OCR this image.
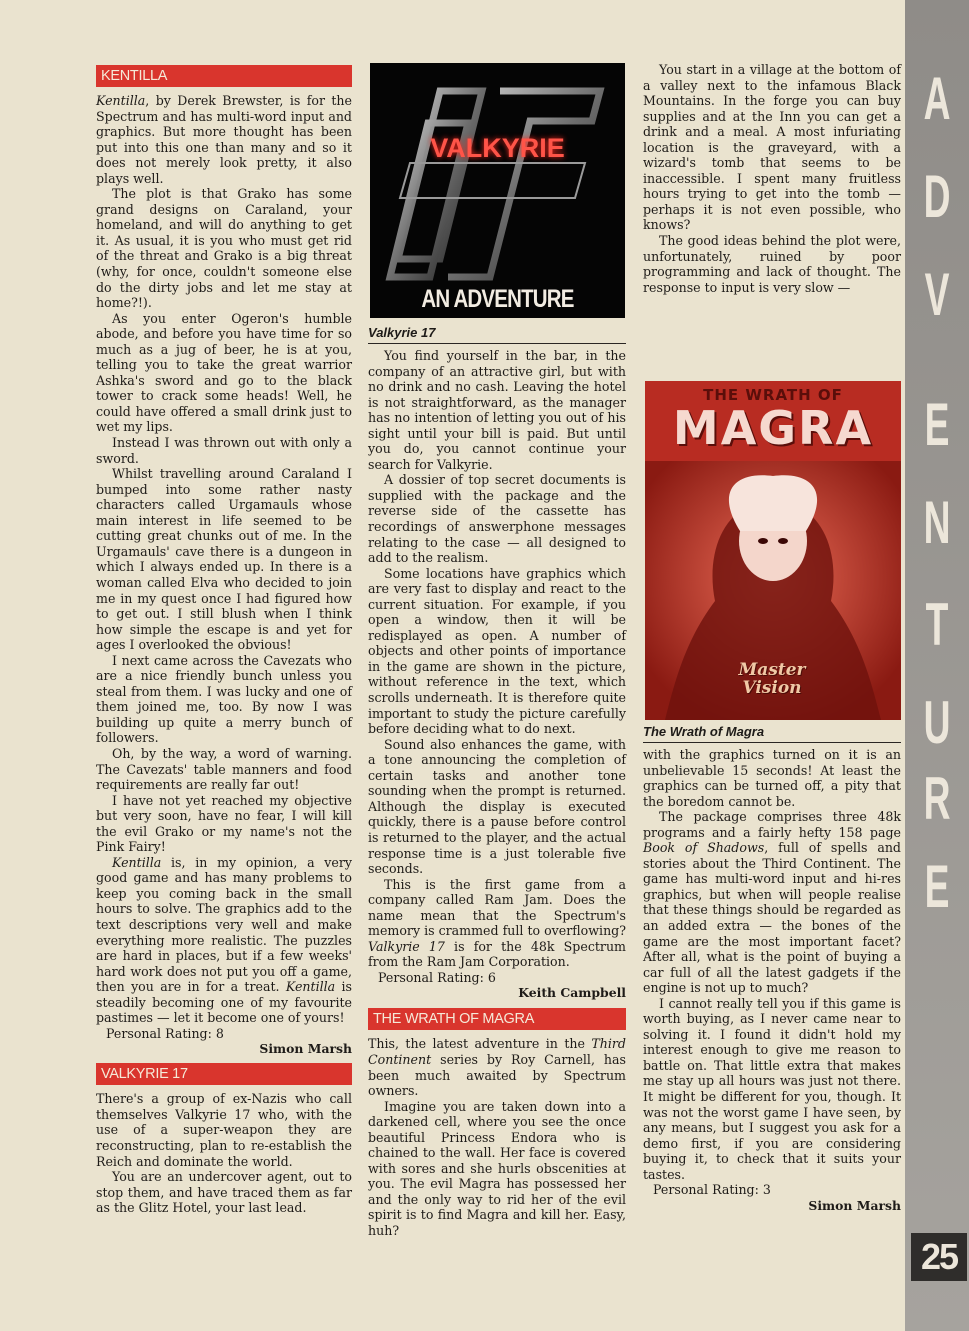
A
D
V
E
N
T
U
R
E
25
KENTILLA

Kentilla, by Derek Brewster, is for the Spectrum and has multi-word input and graphics. But more thought has been put into this one than many and so it does not merely look pretty, it also plays well.

The plot is that Grako has some grand designs on Caraland, your homeland, and will do anything to get it. As usual, it is you who must get rid of the threat and Grako is a big threat (why, for once, couldn't someone else do the dirty jobs and let me stay at home?!).

As you enter Ogeron's humble abode, and before you have time for so much as a jug of beer, he is at you, telling you to take the great warrior Ashka's sword and go to the black tower to crack some heads! Well, he could have offered a small drink just to wet my lips.

Instead I was thrown out with only a sword.

Whilst travelling around Caraland I bumped into some rather nasty characters called Urgamauls whose main interest in life seemed to be cutting great chunks out of me. In the Urgamauls' cave there is a dungeon in which I always ended up. In there is a woman called Elva who decided to join me in my quest once I had figured how to get out. I still blush when I think how simple the escape is and yet for ages I overlooked the obvious!

I next came across the Cavezats who are a nice friendly bunch unless you steal from them. I was lucky and one of them joined me, too. By now I was building up quite a merry bunch of followers.

Oh, by the way, a word of warning. The Cavezats' table manners and food requirements are really far out!

I have not yet reached my objective but very soon, have no fear, I will kill the evil Grako or my name's not the Pink Fairy!

Kentilla is, in my opinion, a very good game and has many problems to keep you coming back in the small hours to solve. The graphics add to the text descriptions very well and make everything more realistic. The puzzles are hard in places, but if a few weeks' hard work does not put you off a game, then you are in for a treat. Kentilla is steadily becoming one of my favourite pastimes — let it become one of yours!

Personal Rating: 8

Simon Marsh

VALKYRIE 17

There's a group of ex-Nazis who call themselves Valkyrie 17 who, with the use of a super-weapon they are reconstructing, plan to re-establish the Reich and dominate the world.

You are an undercover agent, out to stop them, and have traced them as far as the Glitz Hotel, your last lead.

VALKYRIE
AN ADVENTURE
Valkyrie 17

You find yourself in the bar, in the company of an attractive girl, but with no drink and no cash. Leaving the hotel is not straightforward, as the manager has no intention of letting you out of his sight until your bill is paid. But until you do, you cannot continue your search for Valkyrie.

A dossier of top secret documents is supplied with the package and the reverse side of the cassette has recordings of answerphone messages relating to the case — all designed to add to the realism.

Some locations have graphics which are very fast to display and react to the current situation. For example, if you open a window, then it will be redisplayed as open. A number of objects and other points of importance in the game are shown in the picture, without reference in the text, which scrolls underneath. It is therefore quite important to study the picture carefully before deciding what to do next.

Sound also enhances the game, with a tone announcing the completion of certain tasks and another tone sounding when the prompt is returned. Although the display is executed quickly, there is a pause before control is returned to the player, and the actual response time is a just tolerable five seconds.

This is the first game from a company called Ram Jam. Does the name mean that the Spectrum's memory is crammed full to overflowing? Valkyrie 17 is for the 48k Spectrum from the Ram Jam Corporation.

Personal Rating: 6

Keith Campbell

THE WRATH OF MAGRA

This, the latest adventure in the Third Continent series by Roy Carnell, has been much awaited by Spectrum owners.

Imagine you are taken down into a darkened cell, where you see the once beautiful Princess Endora who is chained to the wall. Her face is covered with sores and she hurls obscenities at you. The evil Magra has possessed her and the only way to rid her of the evil spirit is to find Magra and kill her. Easy, huh?

THE WRATH OF
MAGRA
Master Vision

You start in a village at the bottom of a valley next to the infamous Black Mountains. In the forge you can buy supplies and at the Inn you can get a drink and a meal. A most infuriating location is the graveyard, with a wizard's tomb that seems to be inaccessible. I spent many fruitless hours trying to get into the tomb — perhaps it is not even possible, who knows?

The good ideas behind the plot were, unfortunately, ruined by poor programming and lack of thought. The response to input is very slow —

The Wrath of Magra

with the graphics turned on it is an unbelievable 15 seconds! At least the graphics can be turned off, a pity that the boredom cannot be.

The package comprises three 48k programs and a fairly hefty 158 page Book of Shadows, full of spells and stories about the Third Continent. The game has multi-word input and hi-res graphics, but when will people realise that these things should be regarded as an added extra — the bones of the game are the most important facet? After all, what is the point of buying a car full of all the latest gadgets if the engine is not up to much?

I cannot really tell you if this game is worth buying, as I never came near to solving it. I found it didn't hold my interest enough to give me reason to battle on. That little extra that makes me stay up all hours was just not there. It might be different for you, though. It was not the worst game I have seen, by any means, but I suggest you ask for a demo first, if you are considering buying it, to check that it suits your tastes.

Personal Rating: 3

Simon Marsh
